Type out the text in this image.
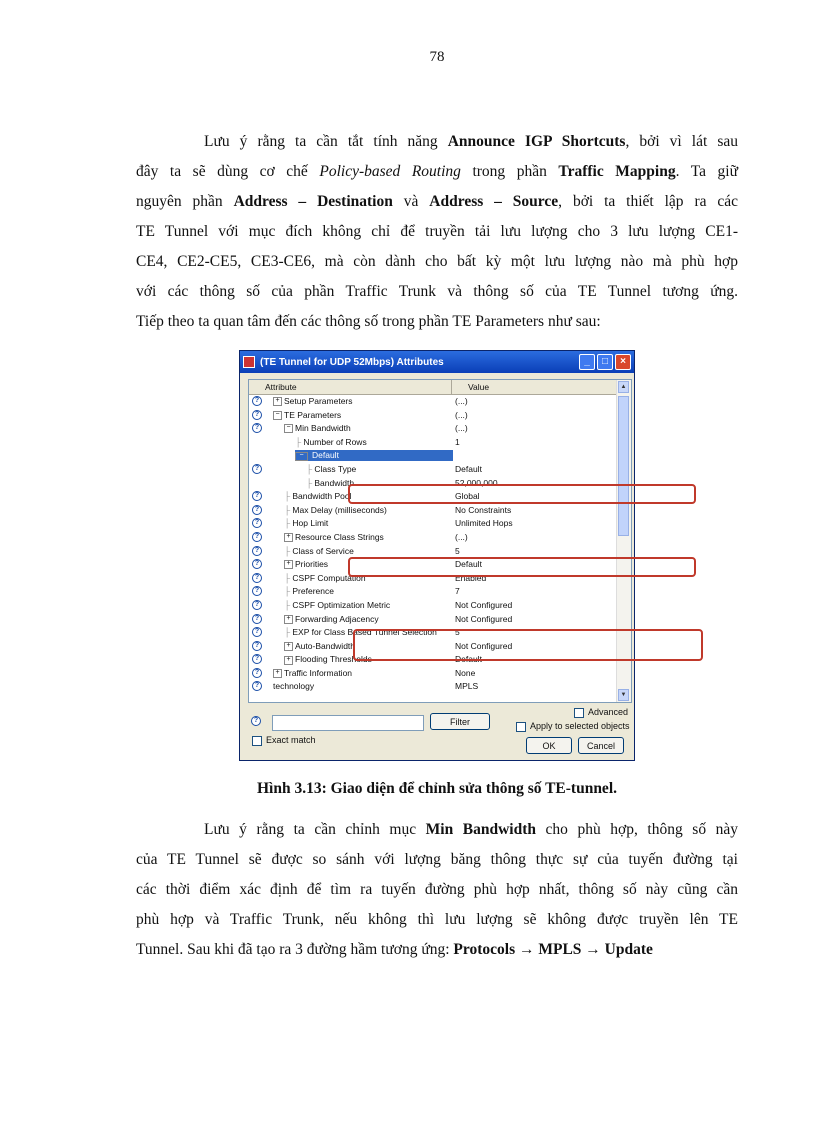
78
Lưu ý rằng ta cần tắt tính năng Announce IGP Shortcuts, bởi vì lát sau
đây ta sẽ dùng cơ chế Policy-based Routing trong phần Traffic Mapping. Ta giữ
nguyên phần Address – Destination và Address – Source, bởi ta thiết lập ra các
TE Tunnel với mục đích không chỉ để truyền tải lưu lượng cho 3 lưu lượng CE1-
CE4, CE2-CE5, CE3-CE6, mà còn dành cho bất kỳ một lưu lượng nào mà phù hợp
với các thông số của phần Traffic Trunk và thông số của TE Tunnel tương ứng.
Tiếp theo ta quan tâm đến các thông số trong phần TE Parameters như sau:
(TE Tunnel for UDP 52Mbps) Attributes	_	□	×
Attribute	Value
?	+ Setup Parameters	(...)
?	− TE Parameters	(...)
?	− Min Bandwidth	(...)
├ Number of Rows	1
− Default
?	├ Class Type	Default
├ Bandwidth	52,000,000
?	├ Bandwidth Pool	Global
?	├ Max Delay (milliseconds)	No Constraints
?	├ Hop Limit	Unlimited Hops
?	+ Resource Class Strings	(...)
?	├ Class of Service	5
?	+ Priorities	Default
?	├ CSPF Computation	Enabled
?	├ Preference	7
?	├ CSPF Optimization Metric	Not Configured
?	+ Forwarding Adjacency	Not Configured
?	├ EXP for Class Based Tunnel Selection 5
?	+ Auto-Bandwidth	Not Configured
?	+ Flooding Thresholds	Default
?	+ Traffic Information	None
?	technology	MPLS
▲
▼
?	Filter
Advanced
Apply to selected objects
Exact match
OK	Cancel
Hình 3.13: Giao diện để chỉnh sửa thông số TE-tunnel.
Lưu ý rằng ta cần chỉnh mục Min Bandwidth cho phù hợp, thông số này
của TE Tunnel sẽ được so sánh với lượng băng thông thực sự của tuyến đường tại
các thời điểm xác định để tìm ra tuyến đường phù hợp nhất, thông số này cũng cần
phù hợp và Traffic Trunk, nếu không thì lưu lượng sẽ không được truyền lên TE
Tunnel. Sau khi đã tạo ra 3 đường hầm tương ứng: Protocols → MPLS → Update
